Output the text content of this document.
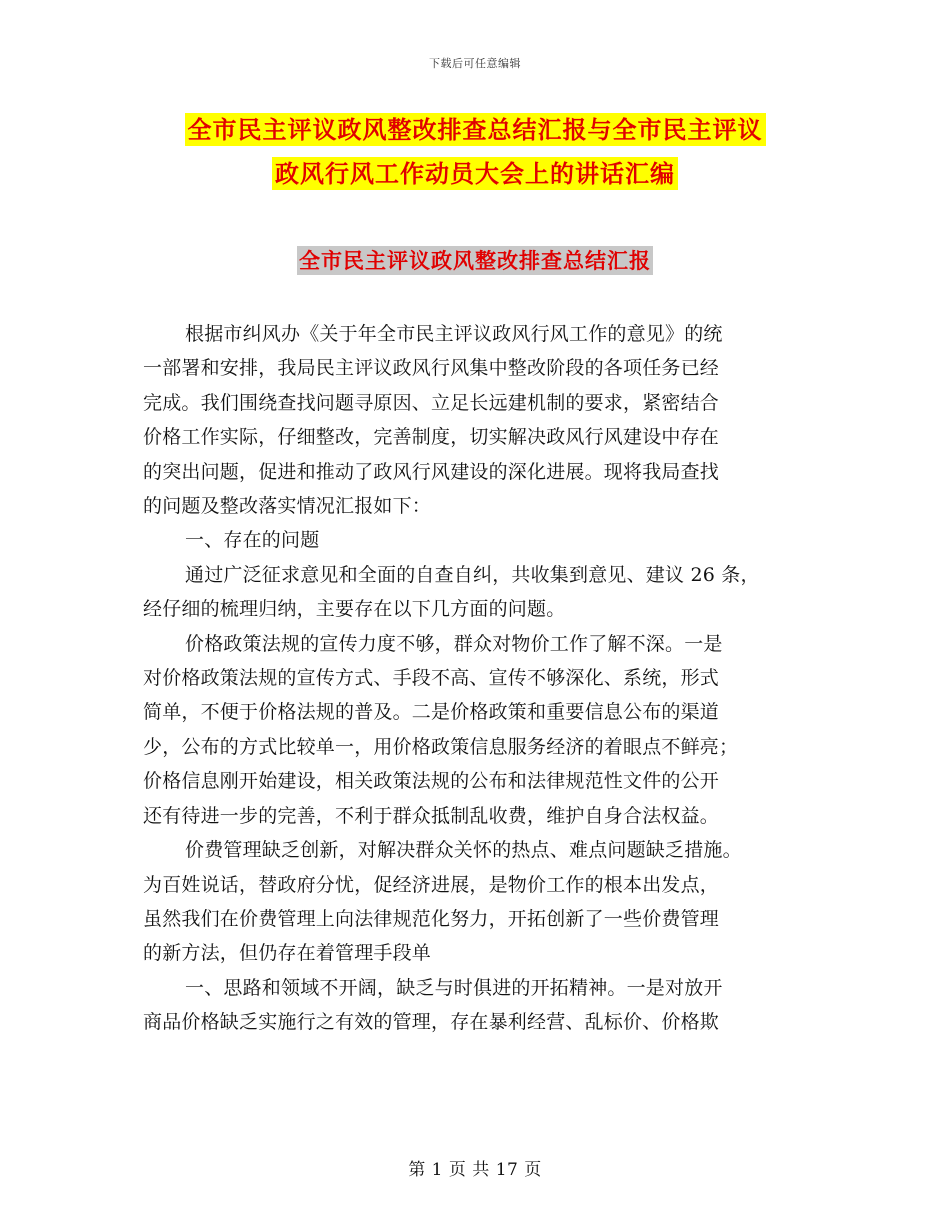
下载后可任意编辑
全市民主评议政风整改排查总结汇报与全市民主评议
政风行风工作动员大会上的讲话汇编
全市民主评议政风整改排查总结汇报
根据市纠风办《关于年全市民主评议政风行风工作的意见》的统
一部署和安排，我局民主评议政风行风集中整改阶段的各项任务已经
完成。我们围绕查找问题寻原因、立足长远建机制的要求，紧密结合
价格工作实际，仔细整改，完善制度，切实解决政风行风建设中存在
的突出问题，促进和推动了政风行风建设的深化进展。现将我局查找
的问题及整改落实情况汇报如下：
一、存在的问题
通过广泛征求意见和全面的自查自纠，共收集到意见、建议 26 条，
经仔细的梳理归纳，主要存在以下几方面的问题。
价格政策法规的宣传力度不够，群众对物价工作了解不深。一是
对价格政策法规的宣传方式、手段不高、宣传不够深化、系统，形式
简单，不便于价格法规的普及。二是价格政策和重要信息公布的渠道
少，公布的方式比较单一，用价格政策信息服务经济的着眼点不鲜亮；
价格信息刚开始建设，相关政策法规的公布和法律规范性文件的公开
还有待进一步的完善，不利于群众抵制乱收费，维护自身合法权益。
价费管理缺乏创新，对解决群众关怀的热点、难点问题缺乏措施。
为百姓说话，替政府分忧，促经济进展，是物价工作的根本出发点，
虽然我们在价费管理上向法律规范化努力，开拓创新了一些价费管理
的新方法，但仍存在着管理手段单
一、思路和领域不开阔，缺乏与时俱进的开拓精神。一是对放开
商品价格缺乏实施行之有效的管理，存在暴利经营、乱标价、价格欺
第 1 页 共 17 页
